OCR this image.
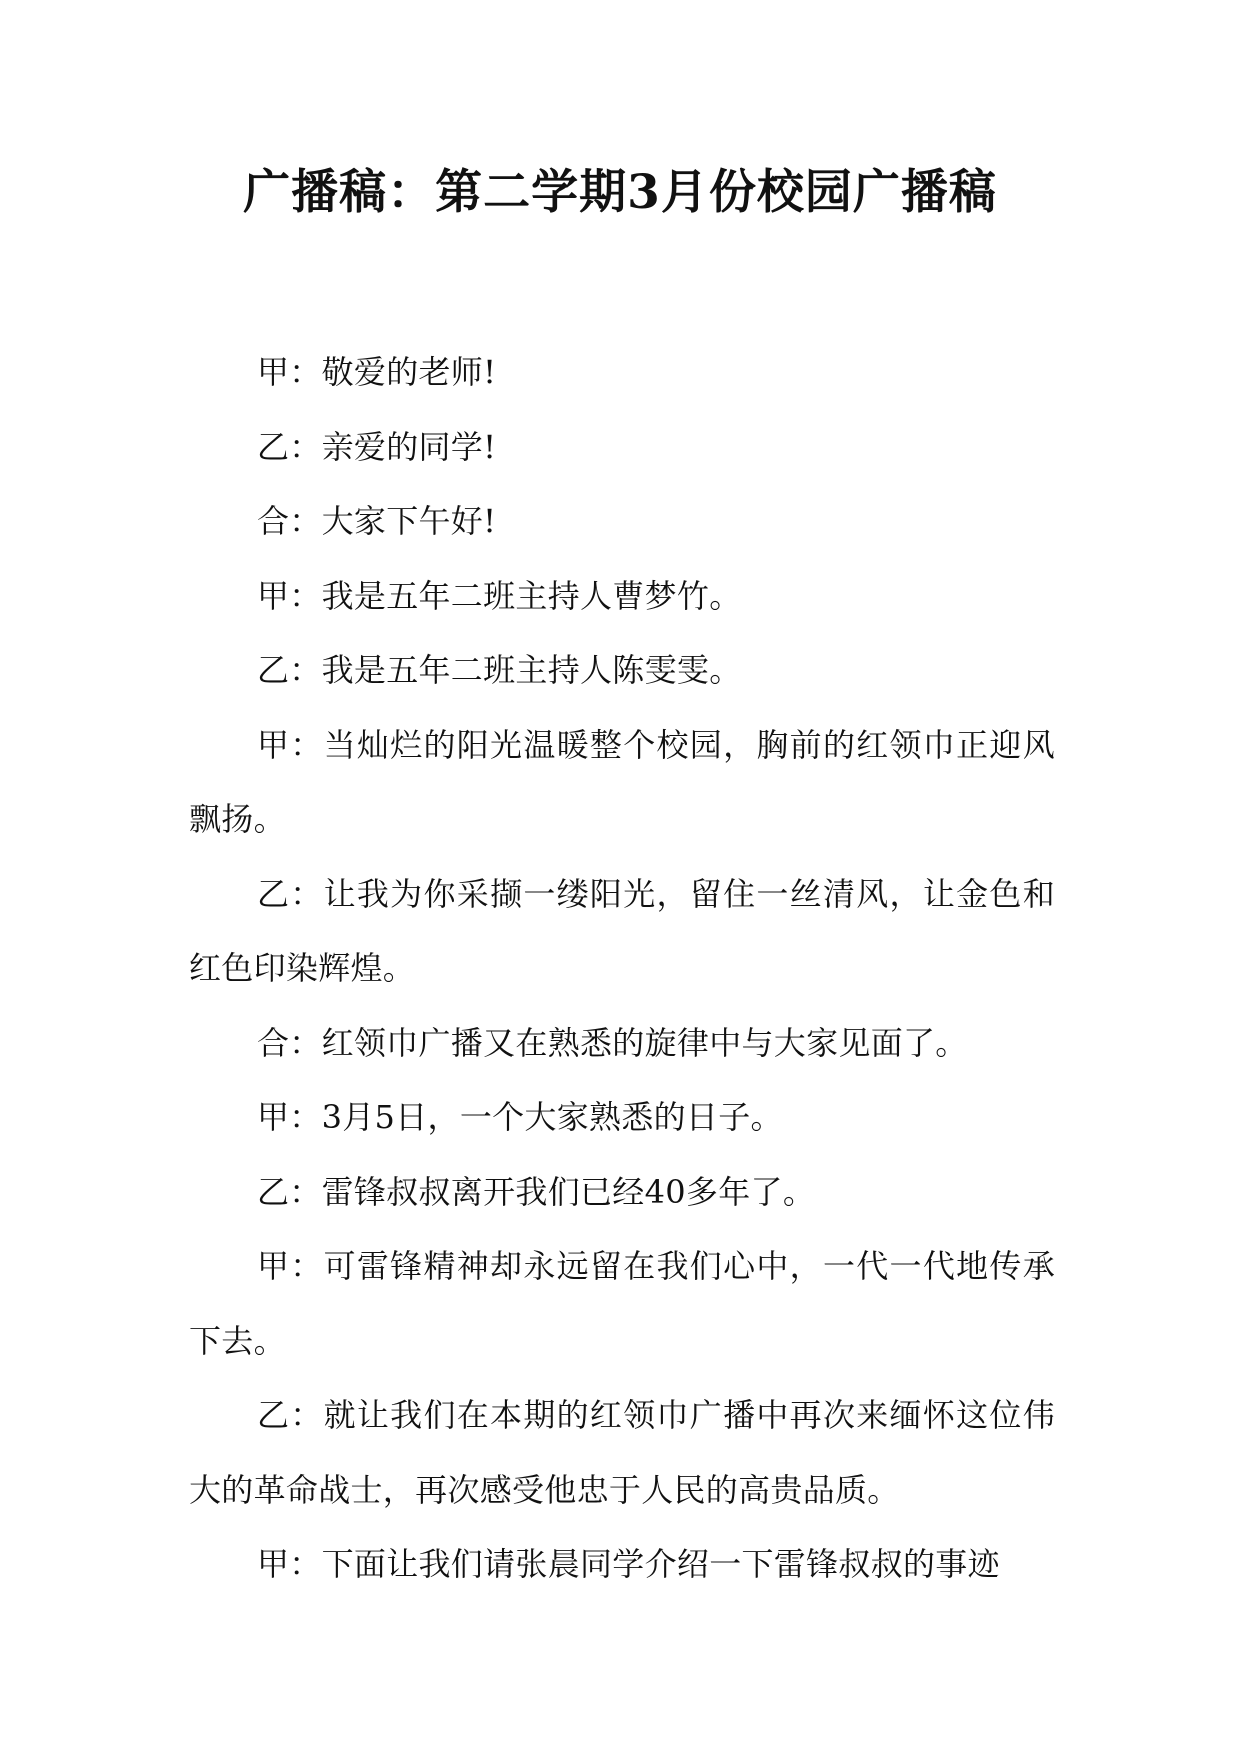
广播稿：第二学期3月份校园广播稿

甲：敬爱的老师!

乙：亲爱的同学!

合：大家下午好!

甲：我是五年二班主持人曹梦竹。

乙：我是五年二班主持人陈雯雯。

甲：当灿烂的阳光温暖整个校园，胸前的红领巾正迎风飘扬。

乙：让我为你采撷一缕阳光，留住一丝清风，让金色和红色印染辉煌。

合：红领巾广播又在熟悉的旋律中与大家见面了。

甲：3月5日，一个大家熟悉的日子。

乙：雷锋叔叔离开我们已经40多年了。

甲：可雷锋精神却永远留在我们心中，一代一代地传承下去。

乙：就让我们在本期的红领巾广播中再次来缅怀这位伟大的革命战士，再次感受他忠于人民的高贵品质。

甲：下面让我们请张晨同学介绍一下雷锋叔叔的事迹
